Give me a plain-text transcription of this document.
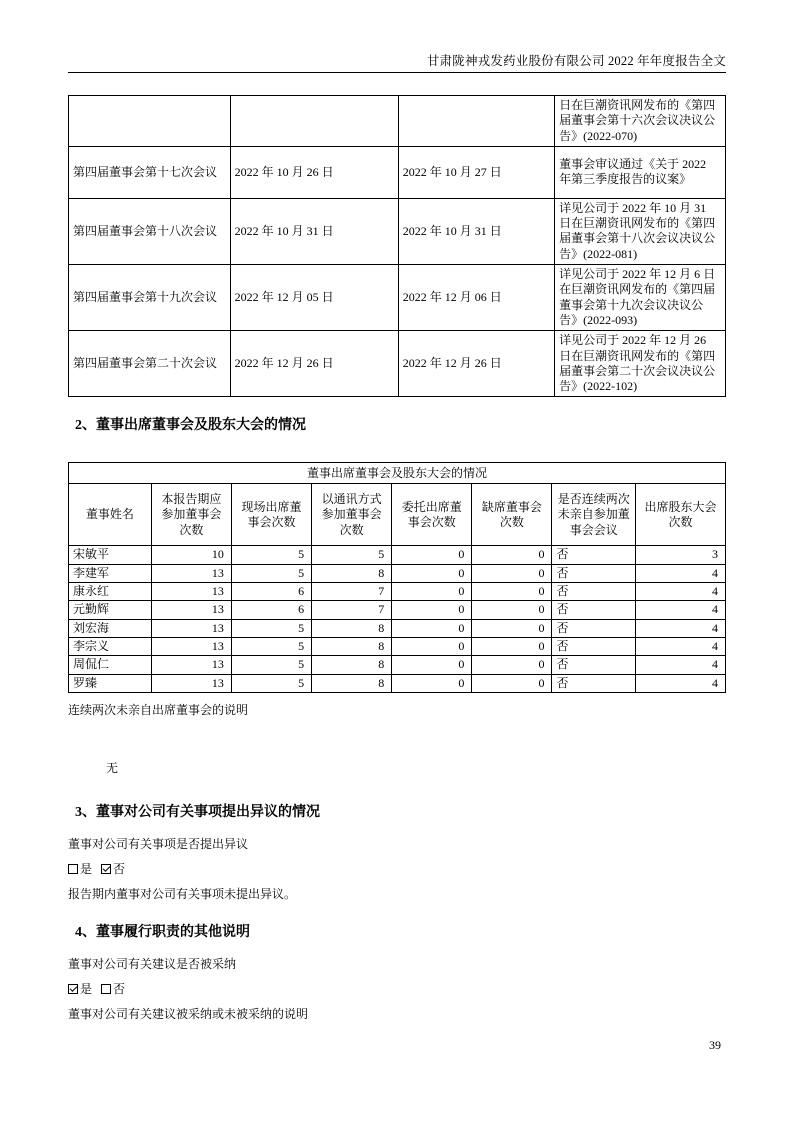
甘肃陇神戎发药业股份有限公司 2022 年年度报告全文
			日在巨潮资讯网发布的《第四届董事会第十六次会议决议公告》(2022-070)
第四届董事会第十七次会议	2022 年 10 月 26 日	2022 年 10 月 27 日	董事会审议通过《关于 2022 年第三季度报告的议案》
第四届董事会第十八次会议	2022 年 10 月 31 日	2022 年 10 月 31 日	详见公司于 2022 年 10 月 31 日在巨潮资讯网发布的《第四届董事会第十八次会议决议公告》(2022-081)
第四届董事会第十九次会议	2022 年 12 月 05 日	2022 年 12 月 06 日	详见公司于 2022 年 12 月 6 日在巨潮资讯网发布的《第四届董事会第十九次会议决议公告》(2022-093)
第四届董事会第二十次会议	2022 年 12 月 26 日	2022 年 12 月 26 日	详见公司于 2022 年 12 月 26 日在巨潮资讯网发布的《第四届董事会第二十次会议决议公告》(2022-102)
2、董事出席董事会及股东大会的情况
董事出席董事会及股东大会的情况							
董事姓名	本报告期应参加董事会次数	现场出席董事会次数	以通讯方式参加董事会次数	委托出席董事会次数	缺席董事会次数	是否连续两次未亲自参加董事会会议	出席股东大会次数
宋敏平	10	5	5	0	0	否	3
李建军	13	5	8	0	0	否	4
康永红	13	6	7	0	0	否	4
元勤辉	13	6	7	0	0	否	4
刘宏海	13	5	8	0	0	否	4
李宗义	13	5	8	0	0	否	4
周侃仁	13	5	8	0	0	否	4
罗臻	13	5	8	0	0	否	4
连续两次未亲自出席董事会的说明
无
3、董事对公司有关事项提出异议的情况
董事对公司有关事项是否提出异议
是 否
报告期内董事对公司有关事项未提出异议。
4、董事履行职责的其他说明
董事对公司有关建议是否被采纳
是 否
董事对公司有关建议被采纳或未被采纳的说明
39
